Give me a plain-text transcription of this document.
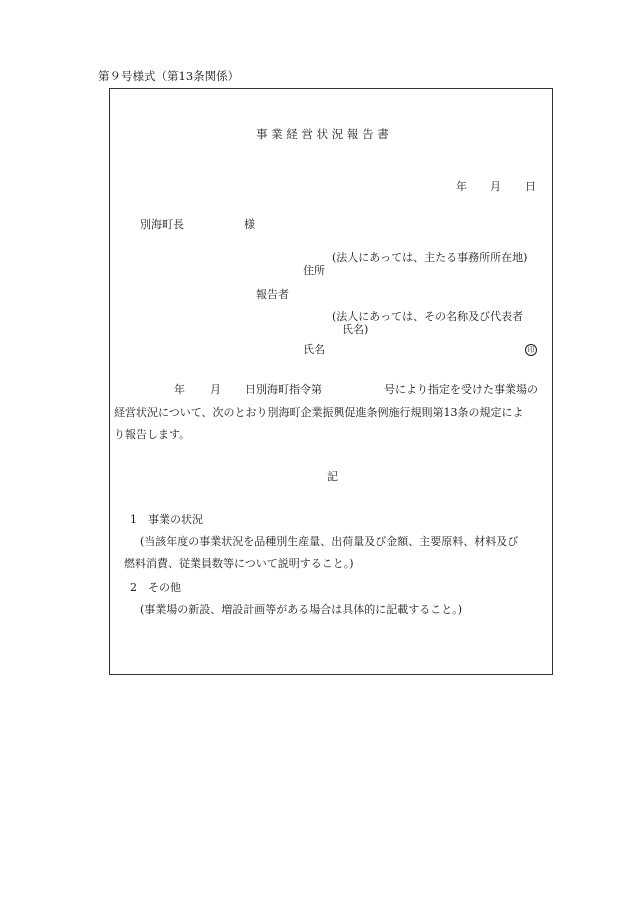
第９号様式（第13条関係）
事 業 経 営 状 況 報 告 書
年 月 日
別海町長	様
(法人にあっては、主たる事務所所在地)
住所
報告者
(法人にあっては、その名称及び代表者
氏名)
氏名	印
年 月 日別海町指令第	号により指定を受けた事業場の
経営状況について、次のとおり別海町企業振興促進条例施行規則第13条の規定によ
り報告します。
記
1　事業の状況
(当該年度の事業状況を品種別生産量、出荷量及び金額、主要原料、材料及び
燃料消費、従業員数等について説明すること。)
2　その他
(事業場の新設、増設計画等がある場合は具体的に記載すること。)
